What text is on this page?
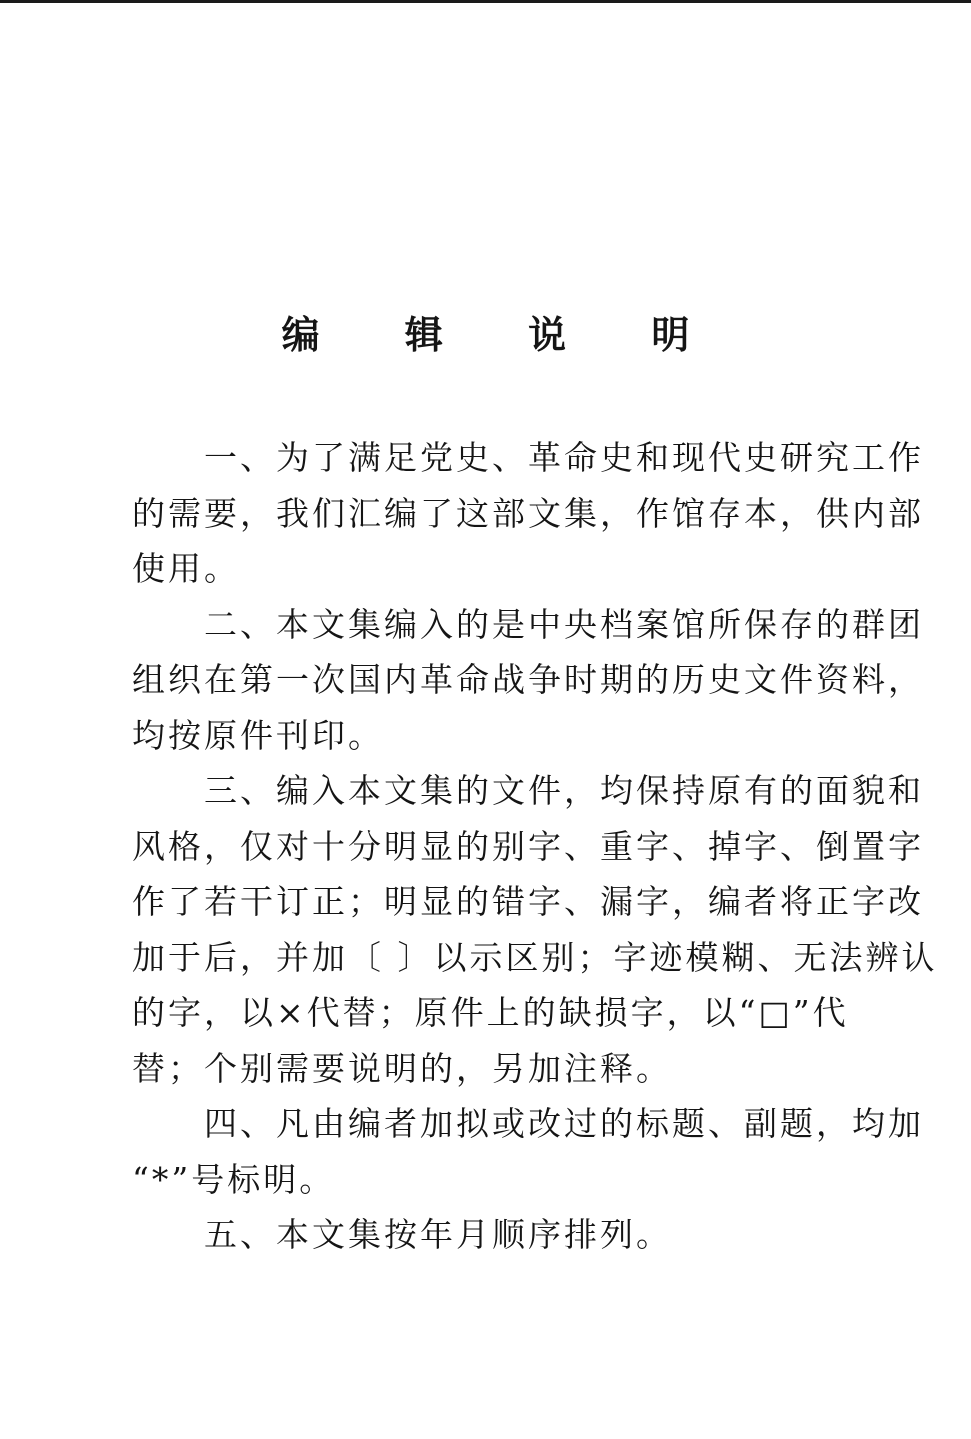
编 辑 说 明

一、为了满足党史、革命史和现代史研究工作
的需要，我们汇编了这部文集，作馆存本，供内部
使用。

二、本文集编入的是中央档案馆所保存的群团
组织在第一次国内革命战争时期的历史文件资料，
均按原件刊印。

三、编入本文集的文件，均保持原有的面貌和
风格，仅对十分明显的别字、重字、掉字、倒置字
作了若干订正；明显的错字、漏字，编者将正字改
加于后，并加〔 〕以示区别；字迹模糊、无法辨认
的字，以×代替；原件上的缺损字，以“□”代
替；个别需要说明的，另加注释。

四、凡由编者加拟或改过的标题、副题，均加
“*”号标明。

五、本文集按年月顺序排列。
